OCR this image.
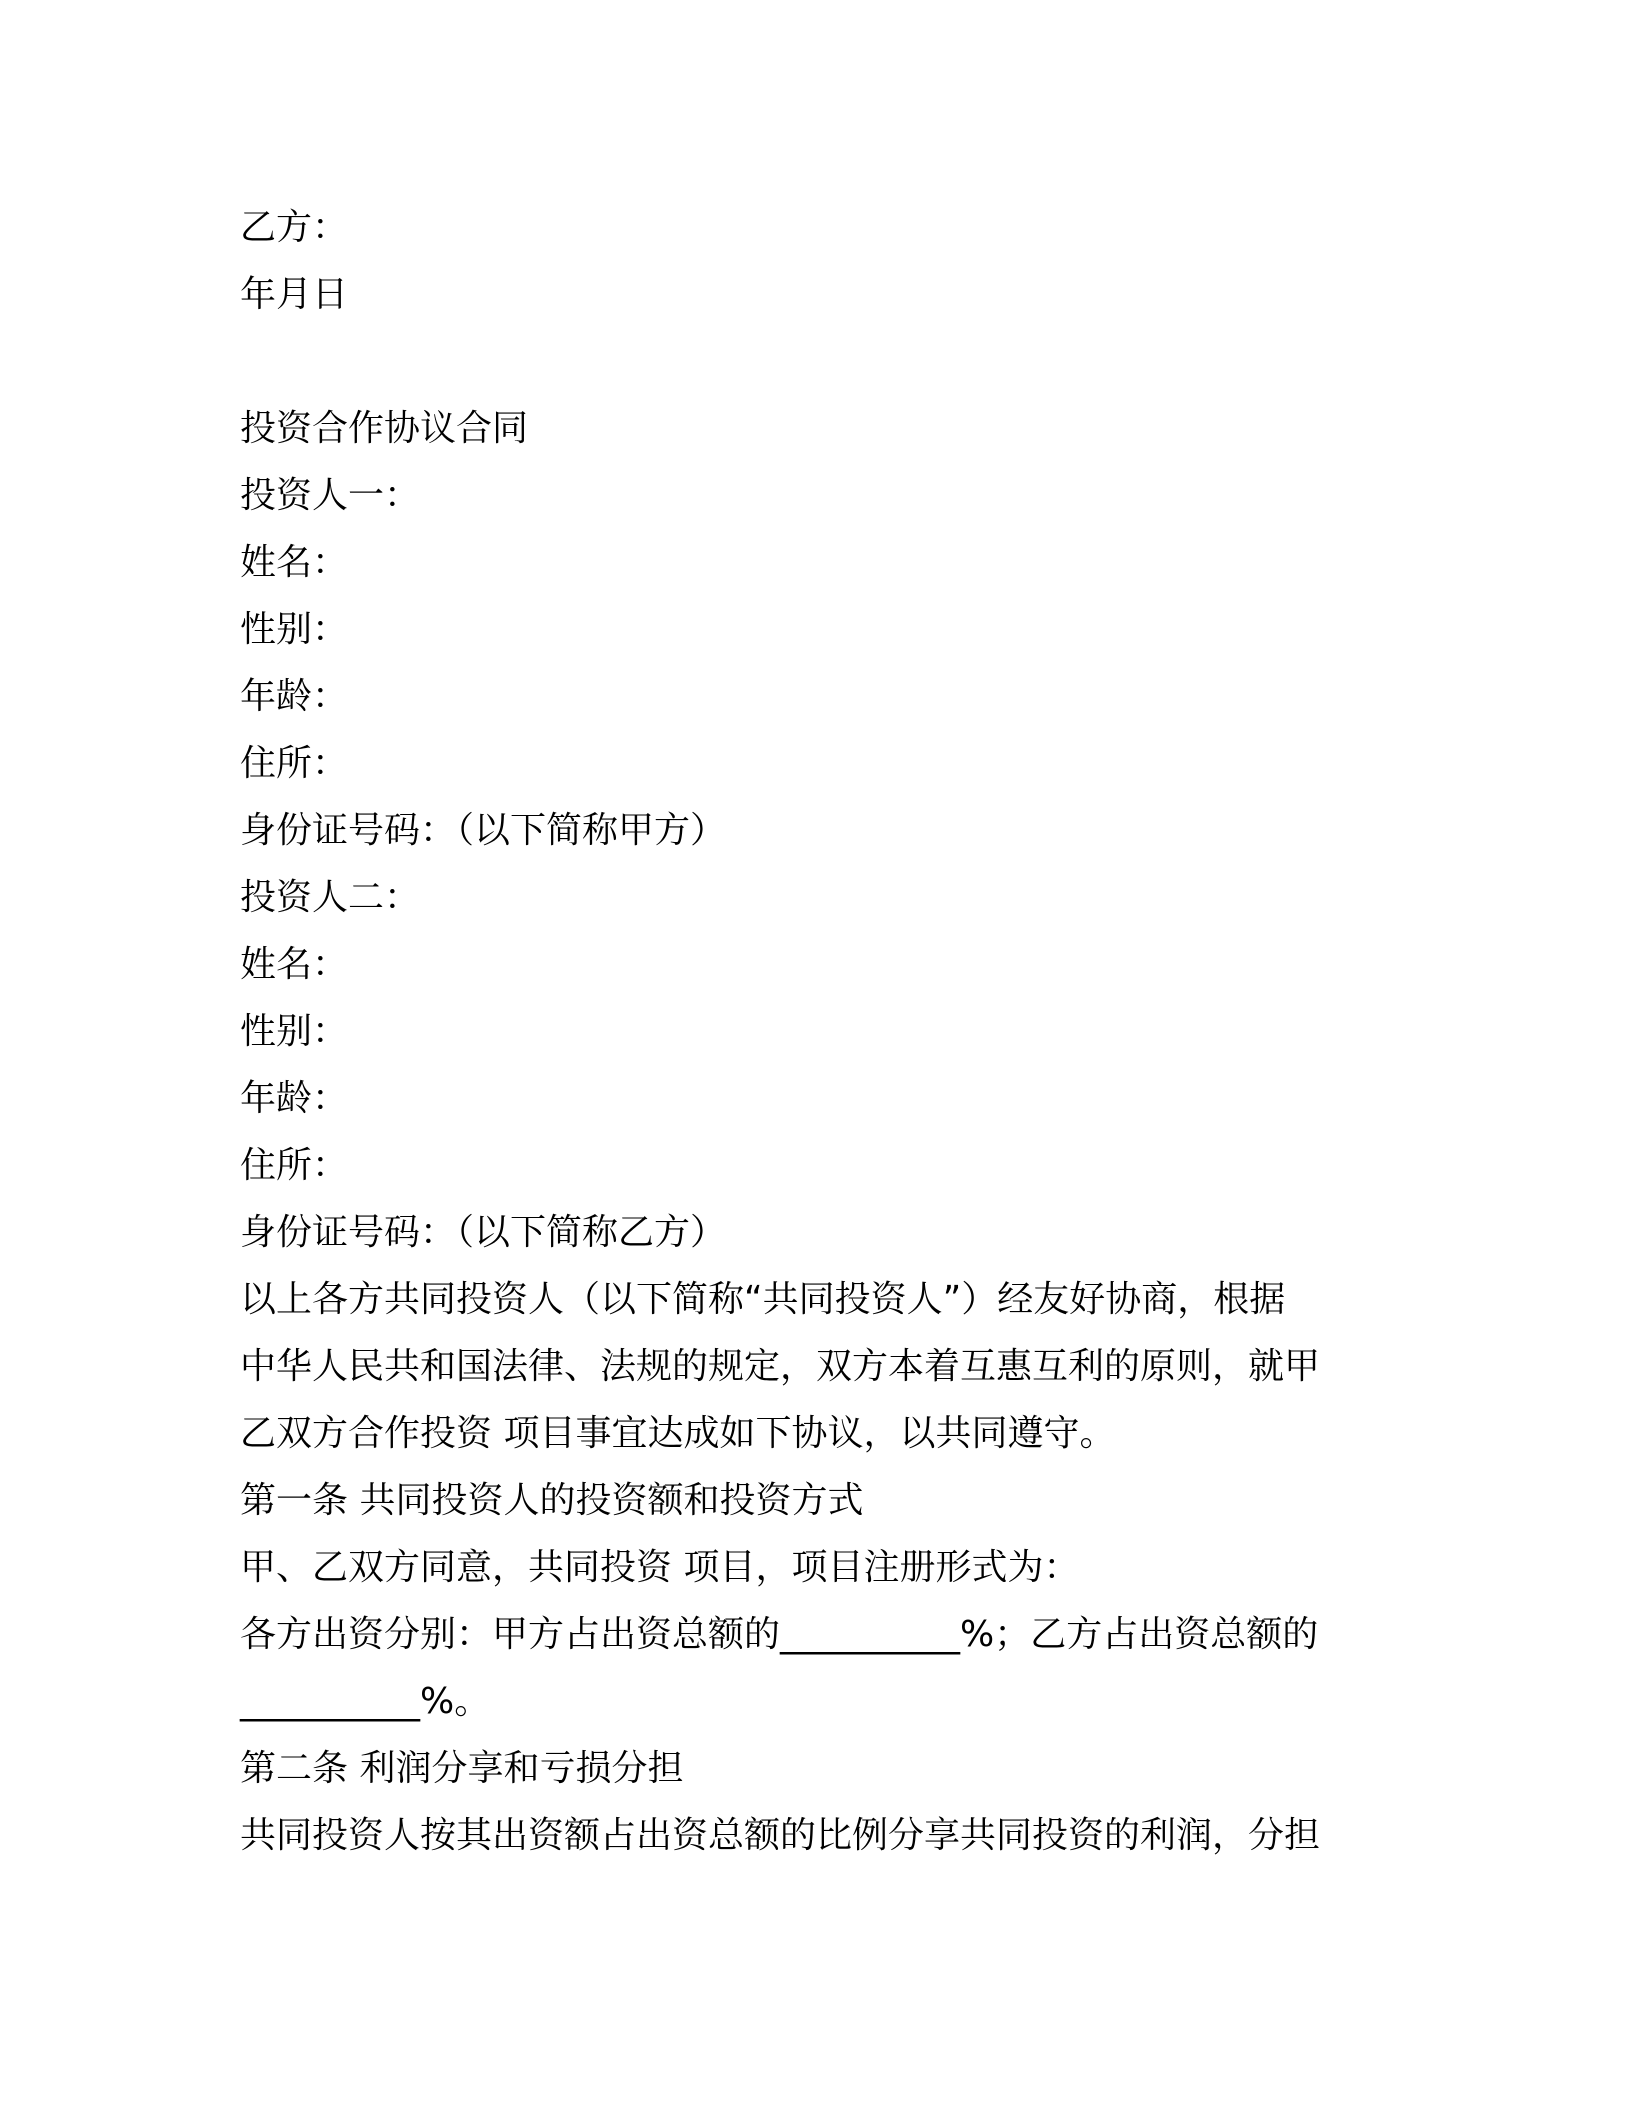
乙方：
年月日
投资合作协议合同
投资人一：
姓名：
性别：
年龄：
住所：
身份证号码：（以下简称甲方）
投资人二：
姓名：
性别：
年龄：
住所：
身份证号码：（以下简称乙方）
以上各方共同投资人（以下简称“共同投资人”）经友好协商，根据
中华人民共和国法律、法规的规定，双方本着互惠互利的原则，就甲
乙双方合作投资 项目事宜达成如下协议，以共同遵守。
第一条 共同投资人的投资额和投资方式
甲、乙双方同意，共同投资 项目，项目注册形式为：
各方出资分别：甲方占出资总额的__________%；乙方占出资总额的
__________%。
第二条 利润分享和亏损分担
共同投资人按其出资额占出资总额的比例分享共同投资的利润，分担
